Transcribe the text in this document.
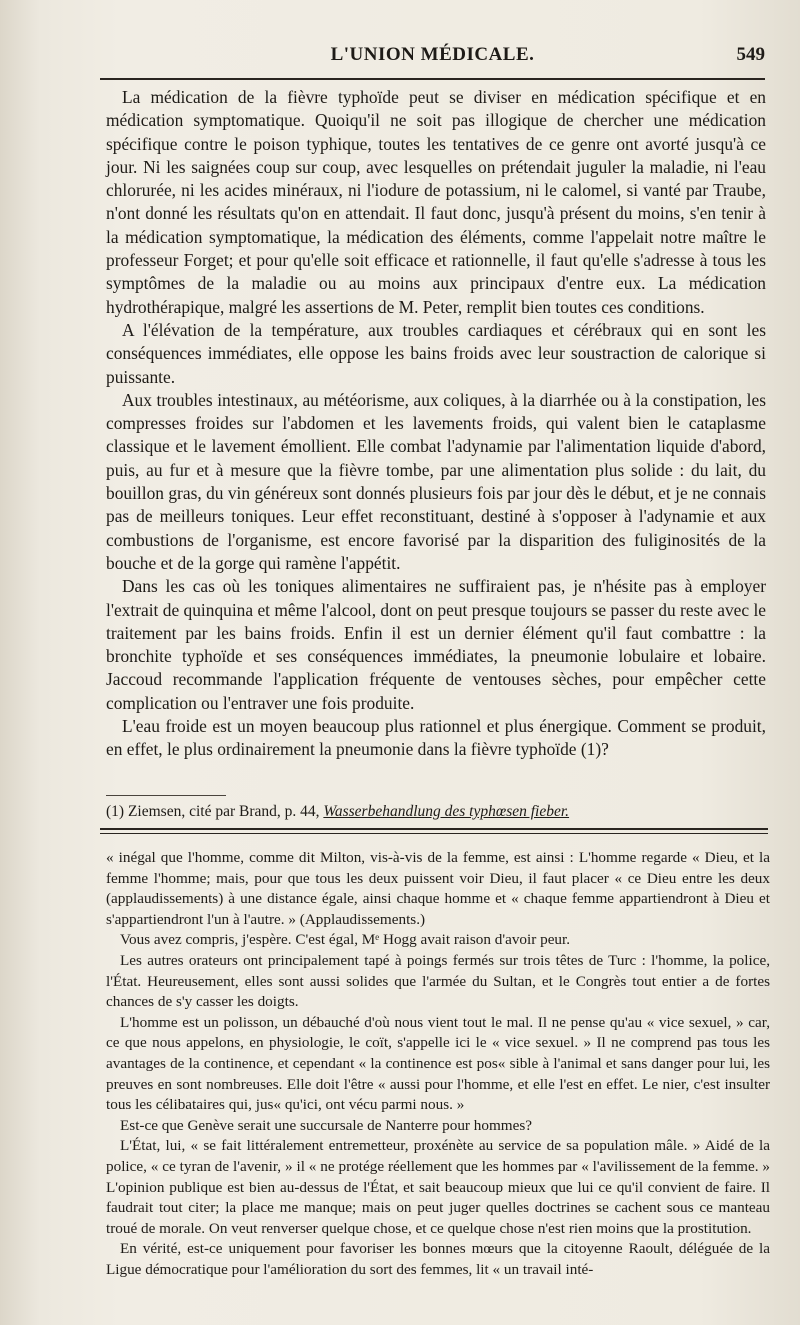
L'UNION MÉDICALE.	549

La médication de la fièvre typhoïde peut se diviser en médication spécifique et en médication symptomatique. Quoiqu'il ne soit pas illogique de chercher une médication spécifique contre le poison typhique, toutes les tentatives de ce genre ont avorté jusqu'à ce jour. Ni les saignées coup sur coup, avec lesquelles on prétendait juguler la maladie, ni l'eau chlorurée, ni les acides minéraux, ni l'iodure de potassium, ni le calomel, si vanté par Traube, n'ont donné les résultats qu'on en attendait. Il faut donc, jusqu'à présent du moins, s'en tenir à la médication symptomatique, la médication des éléments, comme l'appelait notre maître le professeur Forget; et pour qu'elle soit efficace et rationnelle, il faut qu'elle s'adresse à tous les symptômes de la maladie ou au moins aux principaux d'entre eux. La médication hydrothérapique, malgré les assertions de M. Peter, remplit bien toutes ces conditions.

A l'élévation de la température, aux troubles cardiaques et cérébraux qui en sont les conséquences immédiates, elle oppose les bains froids avec leur soustraction de calorique si puissante.

Aux troubles intestinaux, au météorisme, aux coliques, à la diarrhée ou à la constipation, les compresses froides sur l'abdomen et les lavements froids, qui valent bien le cataplasme classique et le lavement émollient. Elle combat l'adynamie par l'alimentation liquide d'abord, puis, au fur et à mesure que la fièvre tombe, par une alimentation plus solide : du lait, du bouillon gras, du vin généreux sont donnés plusieurs fois par jour dès le début, et je ne connais pas de meilleurs toniques. Leur effet reconstituant, destiné à s'opposer à l'adynamie et aux combustions de l'organisme, est encore favorisé par la disparition des fuliginosités de la bouche et de la gorge qui ramène l'appétit.

Dans les cas où les toniques alimentaires ne suffiraient pas, je n'hésite pas à employer l'extrait de quinquina et même l'alcool, dont on peut presque toujours se passer du reste avec le traitement par les bains froids. Enfin il est un dernier élément qu'il faut combattre : la bronchite typhoïde et ses conséquences immédiates, la pneumonie lobulaire et lobaire. Jaccoud recommande l'application fréquente de ventouses sèches, pour empêcher cette complication ou l'entraver une fois produite.

L'eau froide est un moyen beaucoup plus rationnel et plus énergique. Comment se produit, en effet, le plus ordinairement la pneumonie dans la fièvre typhoïde (1)?

(1) Ziemsen, cité par Brand, p. 44, Wasserbehandlung des typhœsen fieber.

« inégal que l'homme, comme dit Milton, vis-à-vis de la femme, est ainsi : L'homme regarde « Dieu, et la femme l'homme; mais, pour que tous les deux puissent voir Dieu, il faut placer « ce Dieu entre les deux (applaudissements) à une distance égale, ainsi chaque homme et « chaque femme appartiendront à Dieu et s'appartiendront l'un à l'autre. » (Applaudissements.)

Vous avez compris, j'espère. C'est égal, Mᵉ Hogg avait raison d'avoir peur.

Les autres orateurs ont principalement tapé à poings fermés sur trois têtes de Turc : l'homme, la police, l'État. Heureusement, elles sont aussi solides que l'armée du Sultan, et le Congrès tout entier a de fortes chances de s'y casser les doigts.

L'homme est un polisson, un débauché d'où nous vient tout le mal. Il ne pense qu'au « vice sexuel, » car, ce que nous appelons, en physiologie, le coït, s'appelle ici le « vice sexuel. » Il ne comprend pas tous les avantages de la continence, et cependant « la continence est pos« sible à l'animal et sans danger pour lui, les preuves en sont nombreuses. Elle doit l'être « aussi pour l'homme, et elle l'est en effet. Le nier, c'est insulter tous les célibataires qui, jus« qu'ici, ont vécu parmi nous. »

Est-ce que Genève serait une succursale de Nanterre pour hommes?

L'État, lui, « se fait littéralement entremetteur, proxénète au service de sa population mâle. » Aidé de la police, « ce tyran de l'avenir, » il « ne protége réellement que les hommes par « l'avilissement de la femme. » L'opinion publique est bien au-dessus de l'État, et sait beaucoup mieux que lui ce qu'il convient de faire. Il faudrait tout citer; la place me manque; mais on peut juger quelles doctrines se cachent sous ce manteau troué de morale. On veut renverser quelque chose, et ce quelque chose n'est rien moins que la prostitution.

En vérité, est-ce uniquement pour favoriser les bonnes mœurs que la citoyenne Raoult, déléguée de la Ligue démocratique pour l'amélioration du sort des femmes, lit « un travail inté-
